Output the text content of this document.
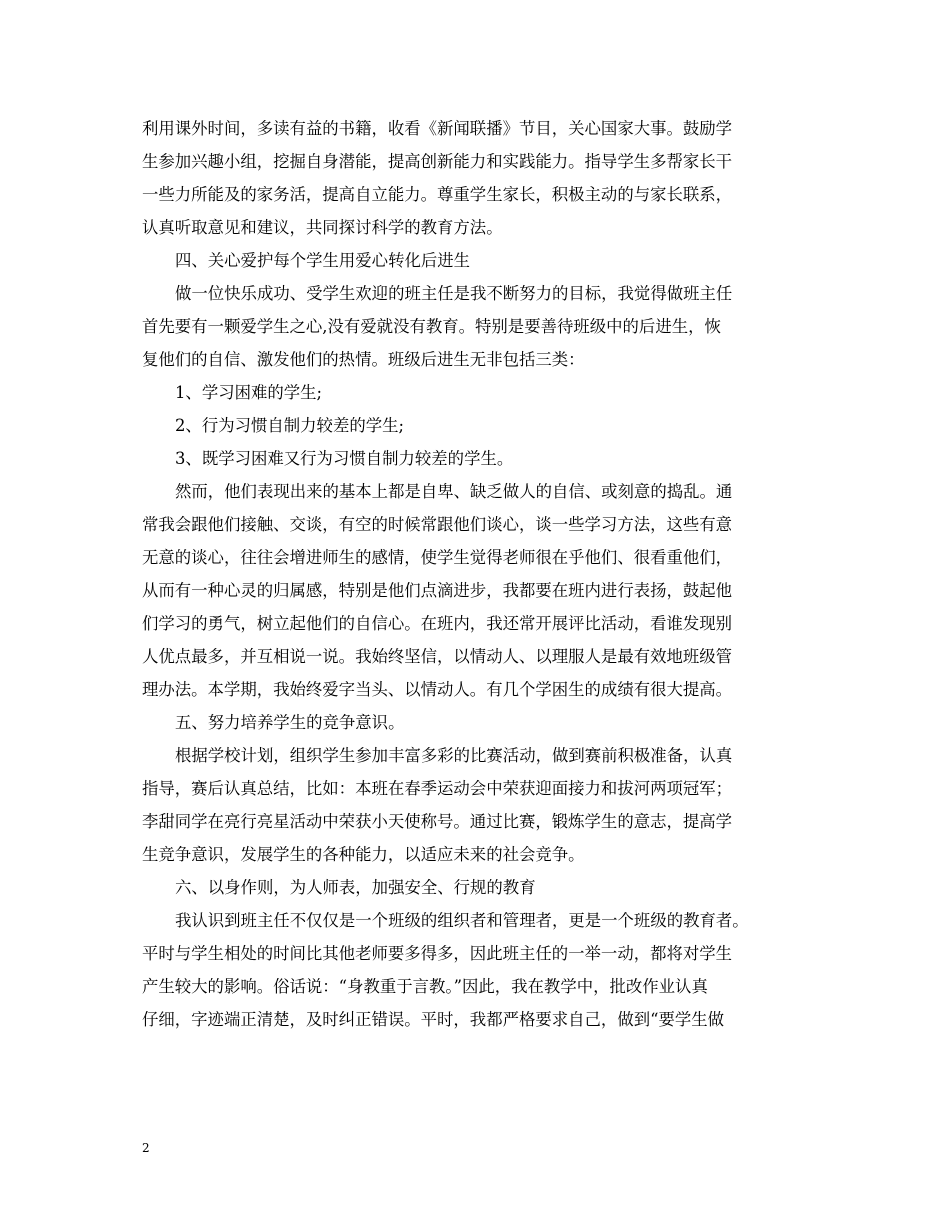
利用课外时间，多读有益的书籍，收看《新闻联播》节目，关心国家大事。鼓励学
生参加兴趣小组，挖掘自身潜能，提高创新能力和实践能力。指导学生多帮家长干
一些力所能及的家务活，提高自立能力。尊重学生家长，积极主动的与家长联系，
认真听取意见和建议，共同探讨科学的教育方法。
四、关心爱护每个学生用爱心转化后进生
做一位快乐成功、受学生欢迎的班主任是我不断努力的目标，我觉得做班主任
首先要有一颗爱学生之心,没有爱就没有教育。特别是要善待班级中的后进生，恢
复他们的自信、激发他们的热情。班级后进生无非包括三类：
1、学习困难的学生;
2、行为习惯自制力较差的学生;
3、既学习困难又行为习惯自制力较差的学生。
然而，他们表现出来的基本上都是自卑、缺乏做人的自信、或刻意的捣乱。通
常我会跟他们接触、交谈，有空的时候常跟他们谈心，谈一些学习方法，这些有意
无意的谈心，往往会增进师生的感情，使学生觉得老师很在乎他们、很看重他们，
从而有一种心灵的归属感，特别是他们点滴进步，我都要在班内进行表扬，鼓起他
们学习的勇气，树立起他们的自信心。在班内，我还常开展评比活动，看谁发现别
人优点最多，并互相说一说。我始终坚信，以情动人、以理服人是最有效地班级管
理办法。本学期，我始终爱字当头、以情动人。有几个学困生的成绩有很大提高。
五、努力培养学生的竞争意识。
根据学校计划，组织学生参加丰富多彩的比赛活动，做到赛前积极准备，认真
指导，赛后认真总结，比如：本班在春季运动会中荣获迎面接力和拔河两项冠军；
李甜同学在亮行亮星活动中荣获小天使称号。通过比赛，锻炼学生的意志，提高学
生竞争意识，发展学生的各种能力，以适应未来的社会竞争。
六、以身作则，为人师表，加强安全、行规的教育
我认识到班主任不仅仅是一个班级的组织者和管理者，更是一个班级的教育者。
平时与学生相处的时间比其他老师要多得多，因此班主任的一举一动，都将对学生
产生较大的影响。俗话说：“身教重于言教。”因此，我在教学中，批改作业认真
仔细，字迹端正清楚，及时纠正错误。平时，我都严格要求自己，做到“要学生做
2
